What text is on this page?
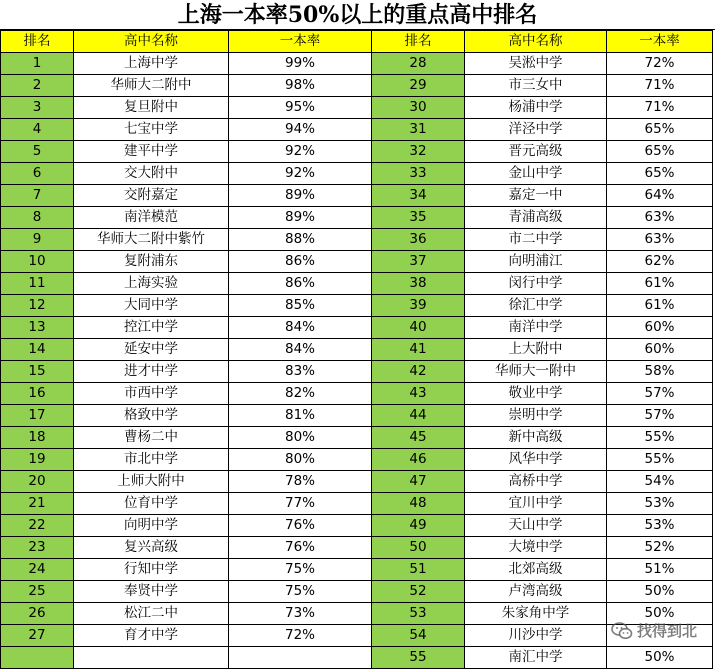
上海一本率50%以上的重点高中排名
排名	高中名称	一本率	排名	高中名称	一本率
1	上海中学	99%	28	吴淞中学	72%
2	华师大二附中	98%	29	市三女中	71%
3	复旦附中	95%	30	杨浦中学	71%
4	七宝中学	94%	31	洋泾中学	65%
5	建平中学	92%	32	晋元高级	65%
6	交大附中	92%	33	金山中学	65%
7	交附嘉定	89%	34	嘉定一中	64%
8	南洋模范	89%	35	青浦高级	63%
9	华师大二附中紫竹	88%	36	市二中学	63%
10	复附浦东	86%	37	向明浦江	62%
11	上海实验	86%	38	闵行中学	61%
12	大同中学	85%	39	徐汇中学	61%
13	控江中学	84%	40	南洋中学	60%
14	延安中学	84%	41	上大附中	60%
15	进才中学	83%	42	华师大一附中	58%
16	市西中学	82%	43	敬业中学	57%
17	格致中学	81%	44	崇明中学	57%
18	曹杨二中	80%	45	新中高级	55%
19	市北中学	80%	46	风华中学	55%
20	上师大附中	78%	47	高桥中学	54%
21	位育中学	77%	48	宜川中学	53%
22	向明中学	76%	49	天山中学	53%
23	复兴高级	76%	50	大境中学	52%
24	行知中学	75%	51	北郊高级	51%
25	奉贤中学	75%	52	卢湾高级	50%
26	松江二中	73%	53	朱家角中学	50%
27	育才中学	72%	54	川沙中学	
			55	南汇中学	50%
找得到北
